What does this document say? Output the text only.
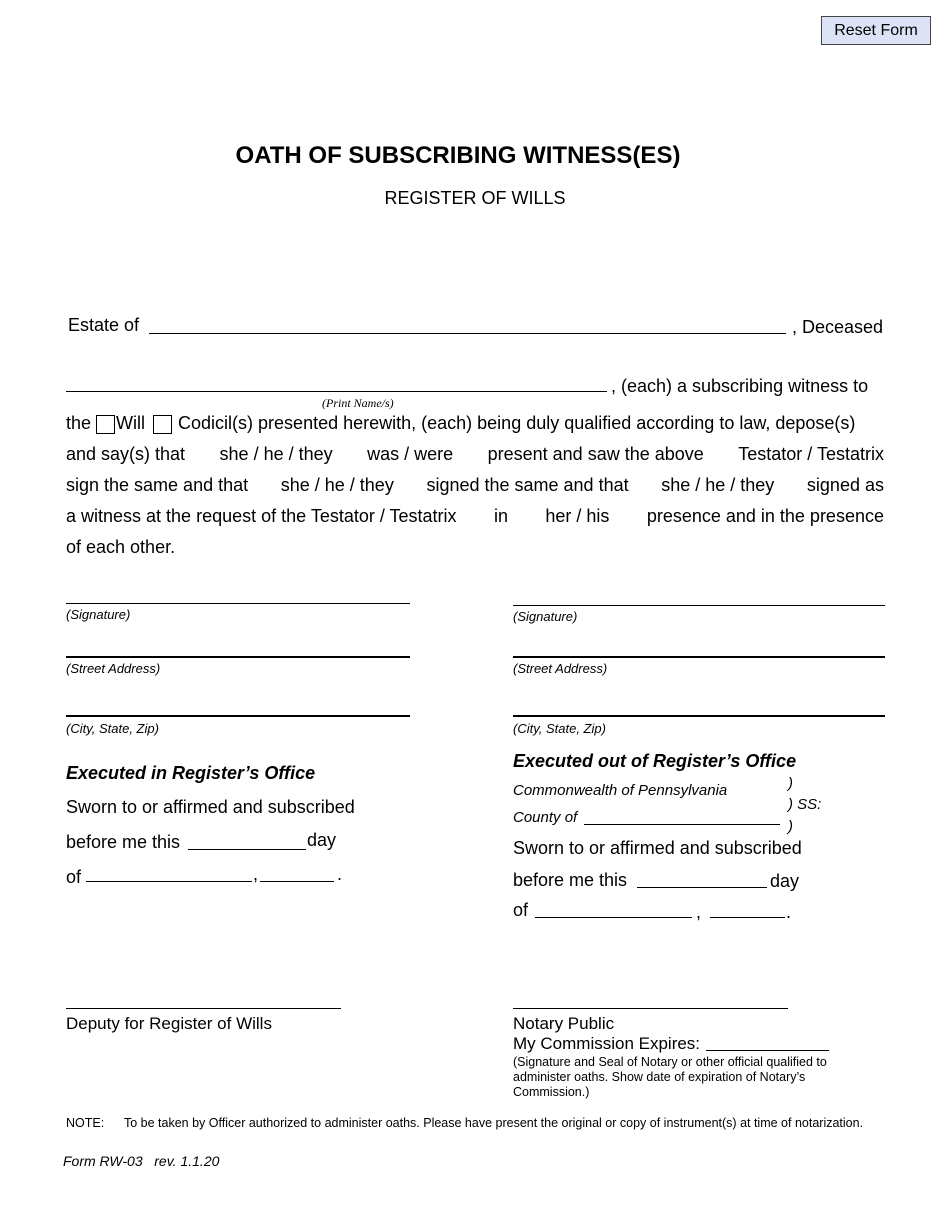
Reset Form
OATH OF SUBSCRIBING WITNESS(ES)
REGISTER OF WILLS
Estate of	, Deceased
(Print Name/s)
, (each) a subscribing witness to
the Will Codicil(s) presented herewith, (each) being duly qualified according to law, depose(s)
and say(s) that she / he / they was / were present and saw the above Testator / Testatrix
sign the same and that she / he / they signed the same and that she / he / they signed as
a witness at the request of the Testator / Testatrix in her / his presence and in the presence
of each other.
(Signature)
(Street Address)
(City, State, Zip)
(Signature)
(Street Address)
(City, State, Zip)
Executed in Register’s Office
Sworn to or affirmed and subscribed
before me this	day
of	,	.
Deputy for Register of Wills
Executed out of Register’s Office
Commonwealth of Pennsylvania	)
) SS:
)
County of
Sworn to or affirmed and subscribed
before me this	day
of	,	.
Notary Public
My Commission Expires:
(Signature and Seal of Notary or other official qualified to
administer oaths. Show date of expiration of Notary’s
Commission.)
NOTE: To be taken by Officer authorized to administer oaths. Please have present the original or copy of instrument(s) at time of notarization.
Form RW-03   rev. 1.1.20
